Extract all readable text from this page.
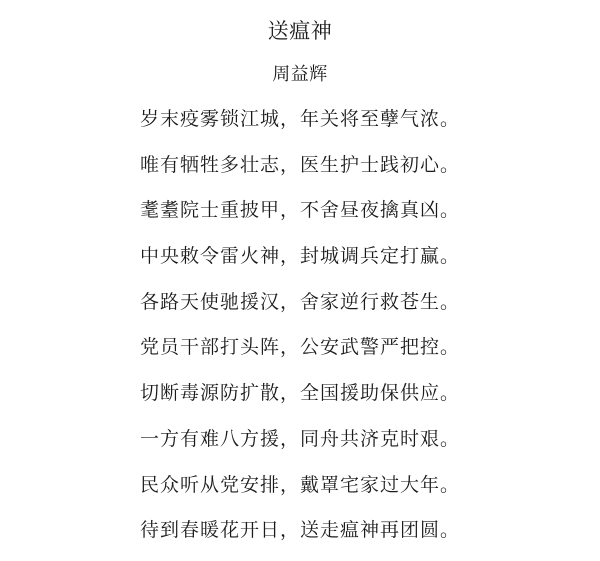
送瘟神
周益辉
岁末疫雾锁江城，年关将至孽气浓。
唯有牺牲多壮志，医生护士践初心。
耄耋院士重披甲，不舍昼夜擒真凶。
中央敕令雷火神，封城调兵定打赢。
各路天使驰援汉，舍家逆行救苍生。
党员干部打头阵，公安武警严把控。
切断毒源防扩散，全国援助保供应。
一方有难八方援，同舟共济克时艰。
民众听从党安排，戴罩宅家过大年。
待到春暖花开日，送走瘟神再团圆。
